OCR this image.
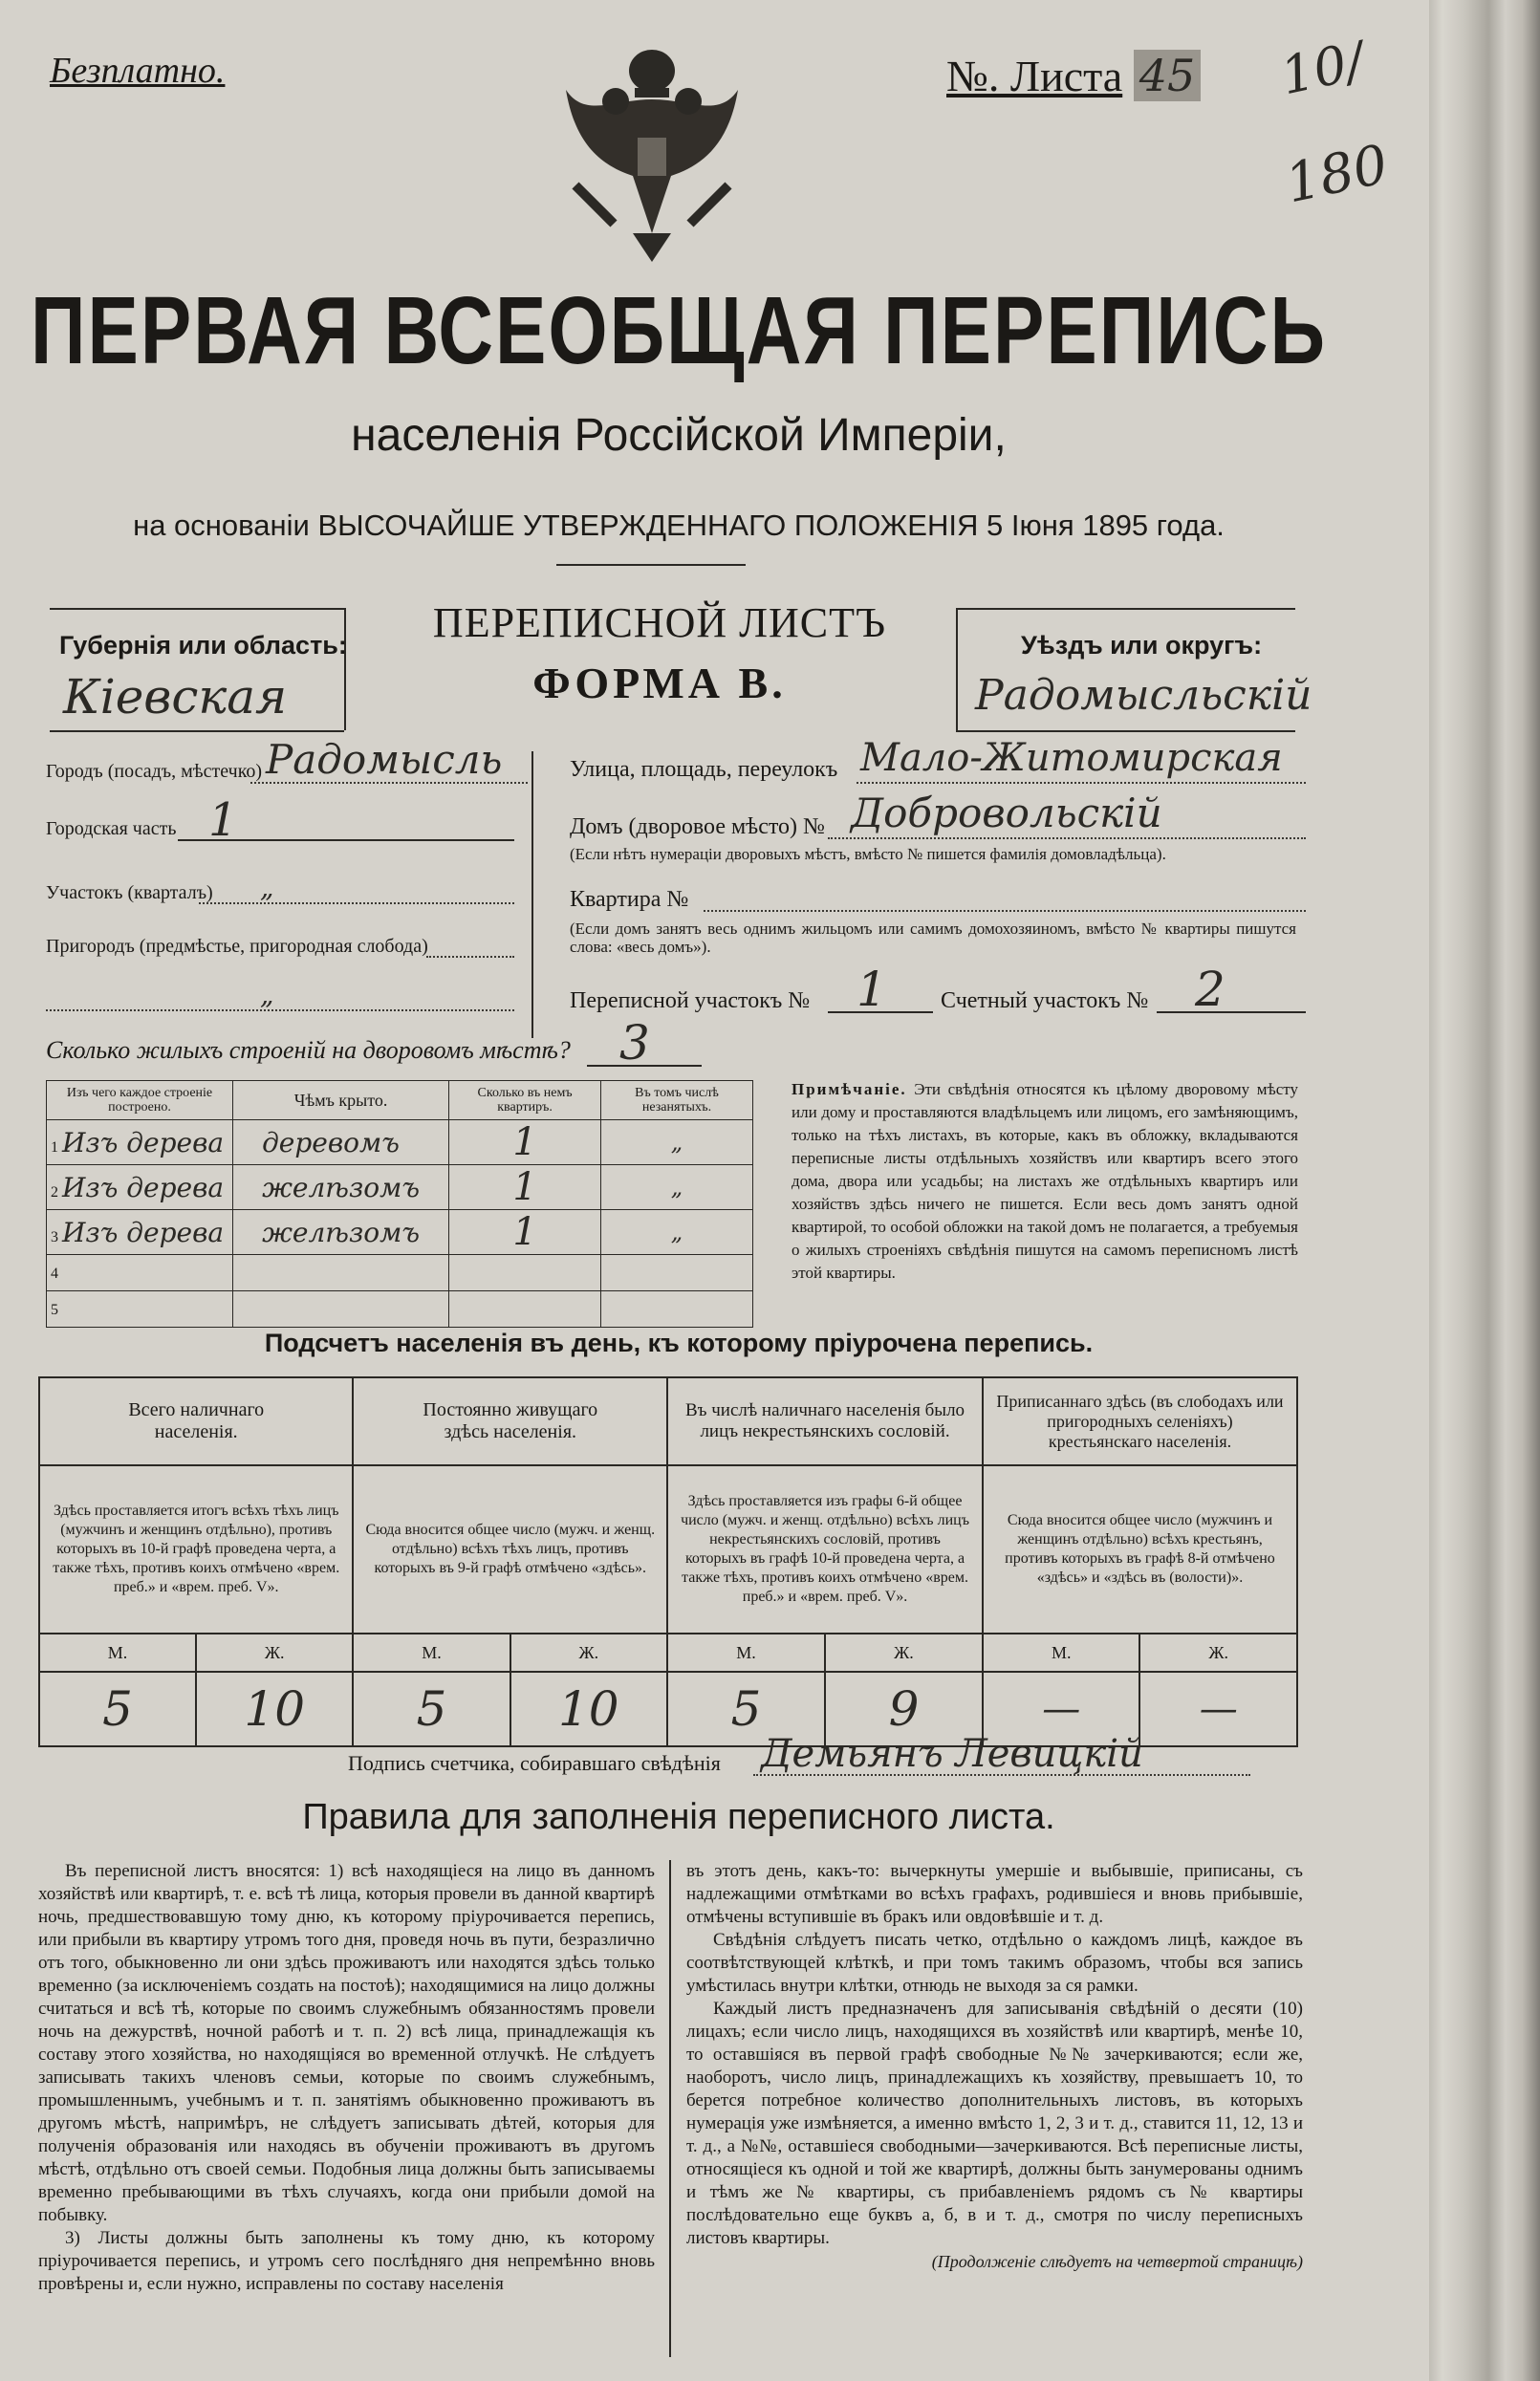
Безплатно.	№. Листа 45 10/
180
ПЕРВАЯ ВСЕОБЩАЯ ПЕРЕПИСЬ
населенія Россійской Имперіи,
на основаніи ВЫСОЧАЙШЕ УТВЕРЖДЕННАГО ПОЛОЖЕНІЯ 5 Іюня 1895 года.
Губернія или область:
Кіевская
ПЕРЕПИСНОЙ ЛИСТЪ
ФОРМА В.
Уѣздъ или округъ:
Радомысльскій
Городъ (посадъ, мѣстечко) Радомысль
Городская часть 1
Участокъ (кварталъ) „
Пригородъ (предмѣстье, пригородная слобода)
„
Улица, площадь, переулокъ Мало-Житомирская
Домъ (дворовое мѣсто) № Добровольскій
(Если нѣтъ нумераціи дворовыхъ мѣстъ, вмѣсто № пишется фамилія домовладѣльца).
Квартира №
(Если домъ занятъ весь однимъ жильцомъ или самимъ домохозяиномъ, вмѣсто № квартиры пишутся слова: «весь домъ»).
Переписной участокъ № 1 Счетный участокъ № 2
Сколько жилыхъ строеній на дворовомъ мѣстѣ? 3
Изъ чего каждое строеніе построено.	Чѣмъ крыто.	Сколько въ немъ квартиръ.	Въ томъ числѣ незанятыхъ.
1 Изъ дерева	деревомъ	1	„
2 Изъ дерева	желѣзомъ	1	„
3 Изъ дерева	желѣзомъ	1	„
4			
5			
Примѣчаніе. Эти свѣдѣнія относятся къ цѣлому дворовому мѣсту или дому и проставляются владѣльцемъ или лицомъ, его замѣняющимъ, только на тѣхъ листахъ, въ которые, какъ въ обложку, вкладываются переписные листы отдѣльныхъ хозяйствъ или квартиръ всего этого дома, двора или усадьбы; на листахъ же отдѣльныхъ квартиръ или хозяйствъ здѣсь ничего не пишется. Если весь домъ занятъ одной квартирой, то особой обложки на такой домъ не полагается, а требуемыя о жилыхъ строеніяхъ свѣдѣнія пишутся на самомъ переписномъ листѣ этой квартиры.
Подсчетъ населенія въ день, къ которому пріурочена перепись.
Всего наличнаго населенія.		Постоянно живущаго здѣсь населенія.		Въ числѣ наличнаго населенія было лицъ некрестьянскихъ сословій.		Приписаннаго здѣсь (въ слободахъ или пригородныхъ селеніяхъ) крестьянскаго населенія.	
Здѣсь проставляется итогъ всѣхъ тѣхъ лицъ (мужчинъ и женщинъ отдѣльно), противъ которыхъ въ 10-й графѣ проведена черта, а также тѣхъ, противъ коихъ отмѣчено «врем. преб.» и «врем. преб. V».		Сюда вносится общее число (мужч. и женщ. отдѣльно) всѣхъ тѣхъ лицъ, противъ которыхъ въ 9-й графѣ отмѣчено «здѣсь».		Здѣсь проставляется изъ графы 6-й общее число (мужч. и женщ. отдѣльно) всѣхъ лицъ некрестьянскихъ сословій, противъ которыхъ въ графѣ 10-й проведена черта, а также тѣхъ, противъ коихъ отмѣчено «врем. преб.» и «врем. преб. V».		Сюда вносится общее число (мужчинъ и женщинъ отдѣльно) всѣхъ крестьянъ, противъ которыхъ въ графѣ 8-й отмѣчено «здѣсь» и «здѣсь въ (волости)».	
М.	Ж.	М.	Ж.	М.	Ж.	М.	Ж.
5	10	5	10	5	9	—	—
Подпись счетчика, собиравшаго свѣдѣнія Демьянъ Левицкій
Правила для заполненія переписного листа.

Въ переписной листъ вносятся: 1) всѣ находящіеся на лицо въ данномъ хозяйствѣ или квартирѣ, т. е. всѣ тѣ лица, которыя провели въ данной квартирѣ ночь, предшествовавшую тому дню, къ которому пріурочивается перепись, или прибыли въ квартиру утромъ того дня, проведя ночь въ пути, безразлично отъ того, обыкновенно ли они здѣсь проживаютъ или находятся здѣсь только временно (за исключеніемъ создать на постоѣ); находящимися на лицо должны считаться и всѣ тѣ, которые по своимъ служебнымъ обязанностямъ провели ночь на дежурствѣ, ночной работѣ и т. п. 2) всѣ лица, принадлежащія къ составу этого хозяйства, но находящіяся во временной отлучкѣ. Не слѣдуетъ записывать такихъ членовъ семьи, которые по своимъ служебнымъ, промышленнымъ, учебнымъ и т. п. занятіямъ обыкновенно проживаютъ въ другомъ мѣстѣ, напримѣръ, не слѣдуетъ записывать дѣтей, которыя для полученія образованія или находясь въ обученіи проживаютъ въ другомъ мѣстѣ, отдѣльно отъ своей семьи. Подобныя лица должны быть записываемы временно пребывающими въ тѣхъ случаяхъ, когда они прибыли домой на побывку.

3) Листы должны быть заполнены къ тому дню, къ которому пріурочивается перепись, и утромъ сего послѣдняго дня непремѣнно вновь провѣрены и, если нужно, исправлены по составу населенія

въ этотъ день, какъ-то: вычеркнуты умершіе и выбывшіе, приписаны, съ надлежащими отмѣтками во всѣхъ графахъ, родившіеся и вновь прибывшіе, отмѣчены вступившіе въ бракъ или овдовѣвшіе и т. д.

Свѣдѣнія слѣдуетъ писать четко, отдѣльно о каждомъ лицѣ, каждое въ соотвѣтствующей клѣткѣ, и при томъ такимъ образомъ, чтобы вся запись умѣстилась внутри клѣтки, отнюдь не выходя за ся рамки.

Каждый листъ предназначенъ для записыванія свѣдѣній о десяти (10) лицахъ; если число лицъ, находящихся въ хозяйствѣ или квартирѣ, менѣе 10, то оставшіяся въ первой графѣ свободные №№ зачеркиваются; если же, наоборотъ, число лицъ, принадлежащихъ къ хозяйству, превышаетъ 10, то берется потребное количество дополнительныхъ листовъ, въ которыхъ нумерація уже измѣняется, а именно вмѣсто 1, 2, 3 и т. д., ставится 11, 12, 13 и т. д., а №№, оставшіеся свободными—зачеркиваются. Всѣ переписные листы, относящіеся къ одной и той же квартирѣ, должны быть занумерованы однимъ и тѣмъ же № квартиры, съ прибавленіемъ рядомъ съ № квартиры послѣдовательно еще буквъ а, б, в и т. д., смотря по числу переписныхъ листовъ квартиры.

(Продолженіе слѣдуетъ на четвертой страницѣ)
